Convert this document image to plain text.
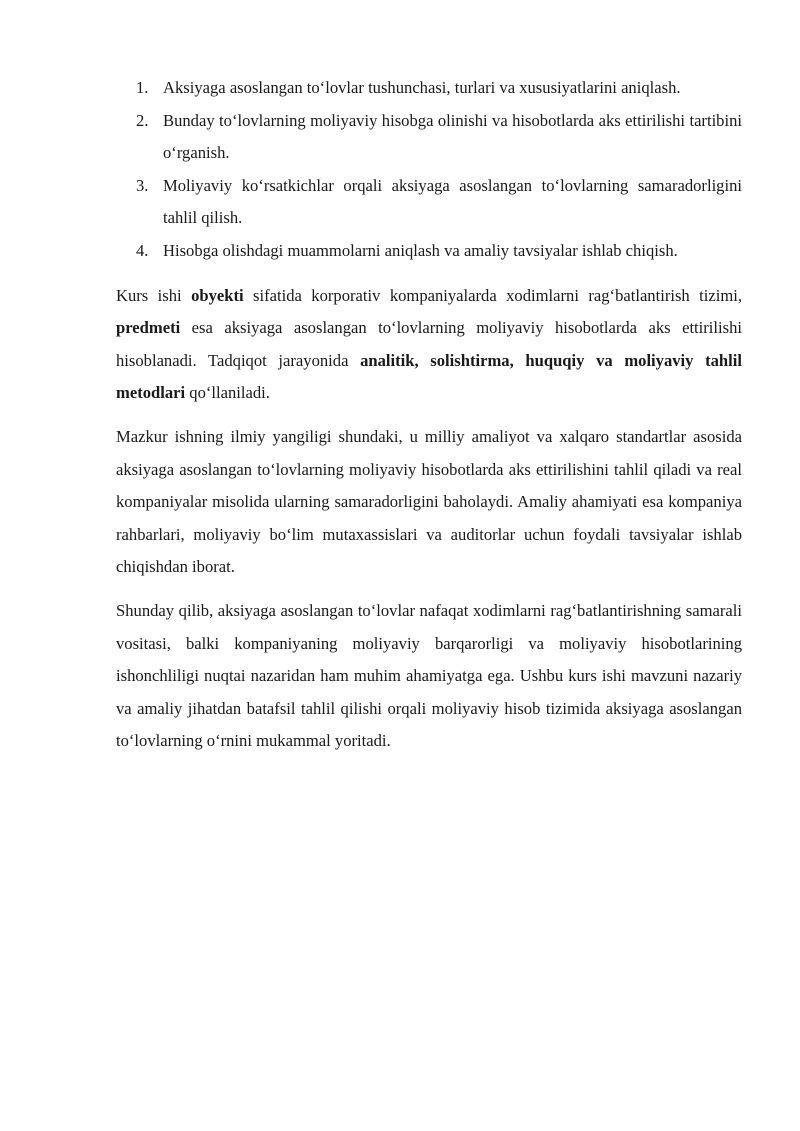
1. Aksiyaga asoslangan to‘lovlar tushunchasi, turlari va xususiyatlarini aniqlash.
2. Bunday to‘lovlarning moliyaviy hisobga olinishi va hisobotlarda aks ettirilishi tartibini o‘rganish.
3. Moliyaviy ko‘rsatkichlar orqali aksiyaga asoslangan to‘lovlarning samaradorligini tahlil qilish.
4. Hisobga olishdagi muammolarni aniqlash va amaliy tavsiyalar ishlab chiqish.

Kurs ishi obyekti sifatida korporativ kompaniyalarda xodimlarni rag‘batlantirish tizimi, predmeti esa aksiyaga asoslangan to‘lovlarning moliyaviy hisobotlarda aks ettirilishi hisoblanadi. Tadqiqot jarayonida analitik, solishtirma, huquqiy va moliyaviy tahlil metodlari qo‘llaniladi.

Mazkur ishning ilmiy yangiligi shundaki, u milliy amaliyot va xalqaro standartlar asosida aksiyaga asoslangan to‘lovlarning moliyaviy hisobotlarda aks ettirilishini tahlil qiladi va real kompaniyalar misolida ularning samaradorligini baholaydi. Amaliy ahamiyati esa kompaniya rahbarlari, moliyaviy bo‘lim mutaxassislari va auditorlar uchun foydali tavsiyalar ishlab chiqishdan iborat.

Shunday qilib, aksiyaga asoslangan to‘lovlar nafaqat xodimlarni rag‘batlantirishning samarali vositasi, balki kompaniyaning moliyaviy barqarorligi va moliyaviy hisobotlarining ishonchliligi nuqtai nazaridan ham muhim ahamiyatga ega. Ushbu kurs ishi mavzuni nazariy va amaliy jihatdan batafsil tahlil qilishi orqali moliyaviy hisob tizimida aksiyaga asoslangan to‘lovlarning o‘rnini mukammal yoritadi.
